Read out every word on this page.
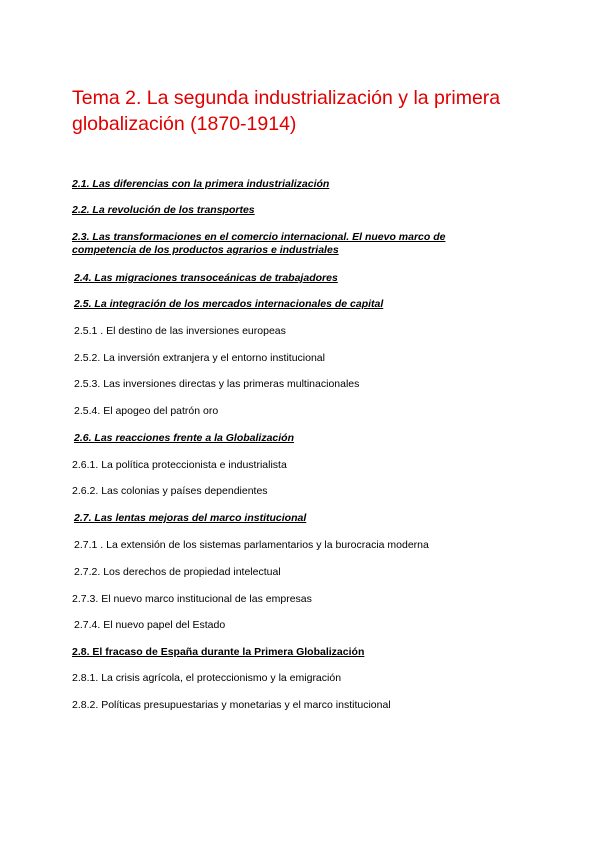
Tema 2. La segunda industrialización y la primera globalización (1870-1914)
2.1. Las diferencias con la primera industrialización
2.2. La revolución de los transportes
2.3. Las transformaciones en el comercio internacional. El nuevo marco de competencia de los productos agrarios e industriales
2.4. Las migraciones transoceánicas de trabajadores
2.5. La integración de los mercados internacionales de capital
2.5.1 . El destino de las inversiones europeas
2.5.2. La inversión extranjera y el entorno institucional
2.5.3. Las inversiones directas y las primeras multinacionales
2.5.4. El apogeo del patrón oro
2.6. Las reacciones frente a la Globalización
2.6.1. La política proteccionista e industrialista
2.6.2. Las colonias y países dependientes
2.7. Las lentas mejoras del marco institucional
2.7.1 . La extensión de los sistemas parlamentarios y la burocracia moderna
2.7.2. Los derechos de propiedad intelectual
2.7.3. El nuevo marco institucional de las empresas
2.7.4. El nuevo papel del Estado
2.8. El fracaso de España durante la Primera Globalización
2.8.1. La crisis agrícola, el proteccionismo y la emigración
2.8.2. Políticas presupuestarias y monetarias y el marco institucional
